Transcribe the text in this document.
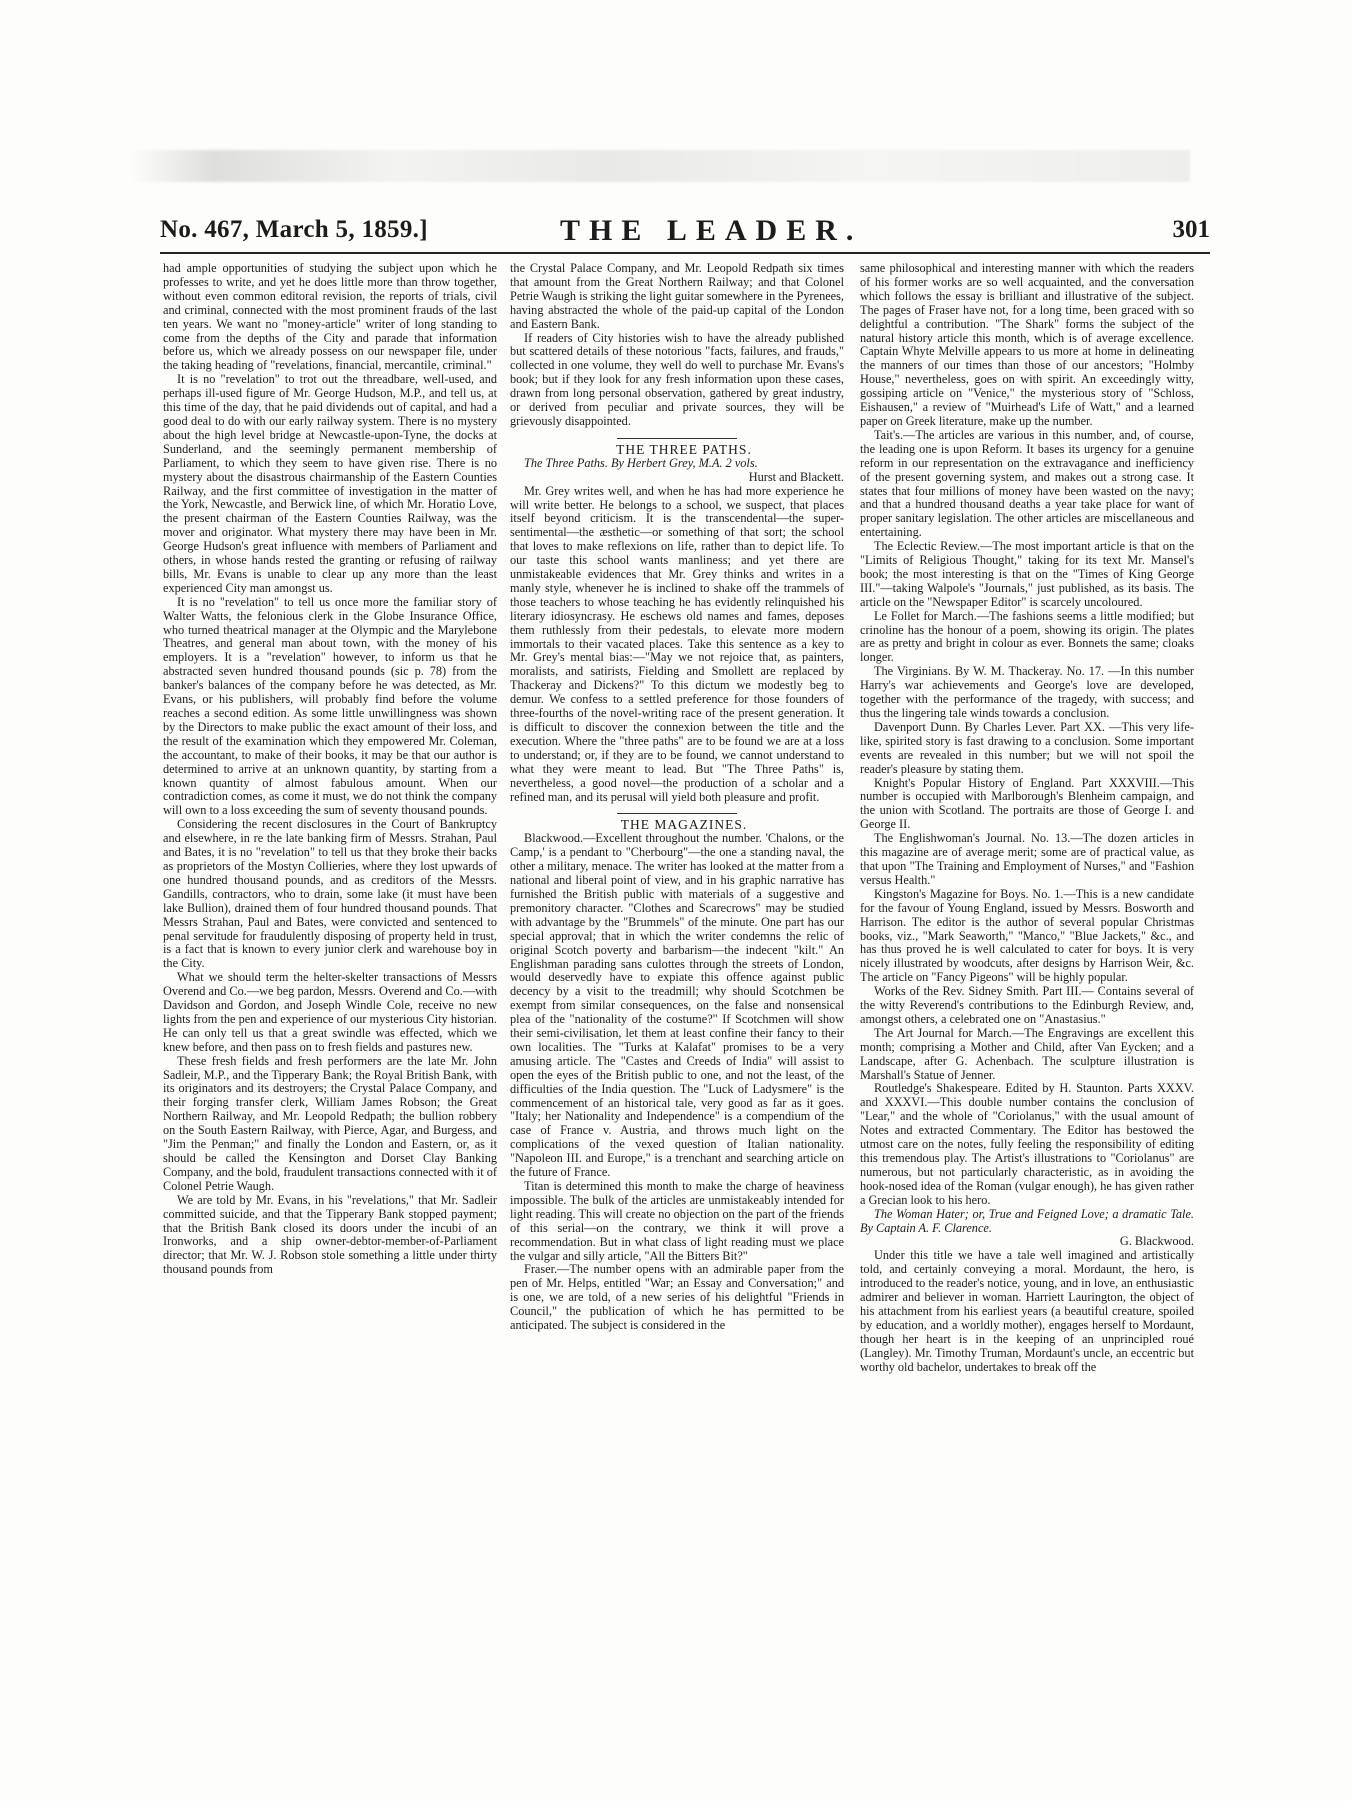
No. 467, March 5, 1859.]	THE LEADER.	301

had ample opportunities of studying the subject upon which he professes to write, and yet he does little more than throw together, without even common editoral revision, the reports of trials, civil and criminal, connected with the most prominent frauds of the last ten years. We want no "money-article" writer of long standing to come from the depths of the City and parade that information before us, which we already possess on our newspaper file, under the taking heading of "revelations, financial, mercantile, criminal."

It is no "revelation" to trot out the threadbare, well-used, and perhaps ill-used figure of Mr. George Hudson, M.P., and tell us, at this time of the day, that he paid dividends out of capital, and had a good deal to do with our early railway system. There is no mystery about the high level bridge at Newcastle-upon-Tyne, the docks at Sunderland, and the seemingly permanent membership of Parliament, to which they seem to have given rise. There is no mystery about the disastrous chairmanship of the Eastern Counties Railway, and the first committee of investigation in the matter of the York, Newcastle, and Berwick line, of which Mr. Horatio Love, the present chairman of the Eastern Counties Railway, was the mover and originator. What mystery there may have been in Mr. George Hudson's great influence with members of Parliament and others, in whose hands rested the granting or refusing of railway bills, Mr. Evans is unable to clear up any more than the least experienced City man amongst us.

It is no "revelation" to tell us once more the familiar story of Walter Watts, the felonious clerk in the Globe Insurance Office, who turned theatrical manager at the Olympic and the Marylebone Theatres, and general man about town, with the money of his employers. It is a "revelation" however, to inform us that he abstracted seven hundred thousand pounds (sic p. 78) from the banker's balances of the company before he was detected, as Mr. Evans, or his publishers, will probably find before the volume reaches a second edition. As some little unwillingness was shown by the Directors to make public the exact amount of their loss, and the result of the examination which they empowered Mr. Coleman, the accountant, to make of their books, it may be that our author is determined to arrive at an unknown quantity, by starting from a known quantity of almost fabulous amount. When our contradiction comes, as come it must, we do not think the company will own to a loss exceeding the sum of seventy thousand pounds.

Considering the recent disclosures in the Court of Bankruptcy and elsewhere, in re the late banking firm of Messrs. Strahan, Paul and Bates, it is no "revelation" to tell us that they broke their backs as proprietors of the Mostyn Collieries, where they lost upwards of one hundred thousand pounds, and as creditors of the Messrs. Gandills, contractors, who to drain, some lake (it must have been lake Bullion), drained them of four hundred thousand pounds. That Messrs Strahan, Paul and Bates, were convicted and sentenced to penal servitude for fraudulently disposing of property held in trust, is a fact that is known to every junior clerk and warehouse boy in the City.

What we should term the helter-skelter transactions of Messrs Overend and Co.—we beg pardon, Messrs. Overend and Co.—with Davidson and Gordon, and Joseph Windle Cole, receive no new lights from the pen and experience of our mysterious City historian. He can only tell us that a great swindle was effected, which we knew before, and then pass on to fresh fields and pastures new.

These fresh fields and fresh performers are the late Mr. John Sadleir, M.P., and the Tipperary Bank; the Royal British Bank, with its originators and its destroyers; the Crystal Palace Company, and their forging transfer clerk, William James Robson; the Great Northern Railway, and Mr. Leopold Redpath; the bullion robbery on the South Eastern Railway, with Pierce, Agar, and Burgess, and "Jim the Penman;" and finally the London and Eastern, or, as it should be called the Kensington and Dorset Clay Banking Company, and the bold, fraudulent transactions connected with it of Colonel Petrie Waugh.

We are told by Mr. Evans, in his "revelations," that Mr. Sadleir committed suicide, and that the Tipperary Bank stopped payment; that the British Bank closed its doors under the incubi of an Ironworks, and a ship owner-debtor-member-of-Parliament director; that Mr. W. J. Robson stole something a little under thirty thousand pounds from

the Crystal Palace Company, and Mr. Leopold Redpath six times that amount from the Great Northern Railway; and that Colonel Petrie Waugh is striking the light guitar somewhere in the Pyrenees, having abstracted the whole of the paid-up capital of the London and Eastern Bank.

If readers of City histories wish to have the already published but scattered details of these notorious "facts, failures, and frauds," collected in one volume, they well do well to purchase Mr. Evans's book; but if they look for any fresh information upon these cases, drawn from long personal observation, gathered by great industry, or derived from peculiar and private sources, they will be grievously disappointed.

THE THREE PATHS.

The Three Paths. By Herbert Grey, M.A. 2 vols.

Hurst and Blackett.

Mr. Grey writes well, and when he has had more experience he will write better. He belongs to a school, we suspect, that places itself beyond criticism. It is the transcendental—the super-sentimental—the æsthetic—or something of that sort; the school that loves to make reflexions on life, rather than to depict life. To our taste this school wants manliness; and yet there are unmistakeable evidences that Mr. Grey thinks and writes in a manly style, whenever he is inclined to shake off the trammels of those teachers to whose teaching he has evidently relinquished his literary idiosyncrasy. He eschews old names and fames, deposes them ruthlessly from their pedestals, to elevate more modern immortals to their vacated places. Take this sentence as a key to Mr. Grey's mental bias:—"May we not rejoice that, as painters, moralists, and satirists, Fielding and Smollett are replaced by Thackeray and Dickens?" To this dictum we modestly beg to demur. We confess to a settled preference for those founders of three-fourths of the novel-writing race of the present generation. It is difficult to discover the connexion between the title and the execution. Where the "three paths" are to be found we are at a loss to understand; or, if they are to be found, we cannot understand to what they were meant to lead. But "The Three Paths" is, nevertheless, a good novel—the production of a scholar and a refined man, and its perusal will yield both pleasure and profit.

THE MAGAZINES.

Blackwood.—Excellent throughout the number. 'Chalons, or the Camp,' is a pendant to "Cherbourg"—the one a standing naval, the other a military, menace. The writer has looked at the matter from a national and liberal point of view, and in his graphic narrative has furnished the British public with materials of a suggestive and premonitory character. "Clothes and Scarecrows" may be studied with advantage by the "Brummels" of the minute. One part has our special approval; that in which the writer condemns the relic of original Scotch poverty and barbarism—the indecent "kilt." An Englishman parading sans culottes through the streets of London, would deservedly have to expiate this offence against public decency by a visit to the treadmill; why should Scotchmen be exempt from similar consequences, on the false and nonsensical plea of the "nationality of the costume?" If Scotchmen will show their semi-civilisation, let them at least confine their fancy to their own localities. The "Turks at Kalafat" promises to be a very amusing article. The "Castes and Creeds of India" will assist to open the eyes of the British public to one, and not the least, of the difficulties of the India question. The "Luck of Ladysmere" is the commencement of an historical tale, very good as far as it goes. "Italy; her Nationality and Independence" is a compendium of the case of France v. Austria, and throws much light on the complications of the vexed question of Italian nationality. "Napoleon III. and Europe," is a trenchant and searching article on the future of France.

Titan is determined this month to make the charge of heaviness impossible. The bulk of the articles are unmistakeably intended for light reading. This will create no objection on the part of the friends of this serial—on the contrary, we think it will prove a recommendation. But in what class of light reading must we place the vulgar and silly article, "All the Bitters Bit?"

Fraser.—The number opens with an admirable paper from the pen of Mr. Helps, entitled "War; an Essay and Conversation;" and is one, we are told, of a new series of his delightful "Friends in Council," the publication of which he has permitted to be anticipated. The subject is considered in the

same philosophical and interesting manner with which the readers of his former works are so well acquainted, and the conversation which follows the essay is brilliant and illustrative of the subject. The pages of Fraser have not, for a long time, been graced with so delightful a contribution. "The Shark" forms the subject of the natural history article this month, which is of average excellence. Captain Whyte Melville appears to us more at home in delineating the manners of our times than those of our ancestors; "Holmby House," nevertheless, goes on with spirit. An exceedingly witty, gossiping article on "Venice," the mysterious story of "Schloss, Eishausen," a review of "Muirhead's Life of Watt," and a learned paper on Greek literature, make up the number.

Tait's.—The articles are various in this number, and, of course, the leading one is upon Reform. It bases its urgency for a genuine reform in our representation on the extravagance and inefficiency of the present governing system, and makes out a strong case. It states that four millions of money have been wasted on the navy; and that a hundred thousand deaths a year take place for want of proper sanitary legislation. The other articles are miscellaneous and entertaining.

The Eclectic Review.—The most important article is that on the "Limits of Religious Thought," taking for its text Mr. Mansel's book; the most interesting is that on the "Times of King George III."—taking Walpole's "Journals," just published, as its basis. The article on the "Newspaper Editor" is scarcely uncoloured.

Le Follet for March.—The fashions seems a little modified; but crinoline has the honour of a poem, showing its origin. The plates are as pretty and bright in colour as ever. Bonnets the same; cloaks longer.

The Virginians. By W. M. Thackeray. No. 17. —In this number Harry's war achievements and George's love are developed, together with the performance of the tragedy, with success; and thus the lingering tale winds towards a conclusion.

Davenport Dunn. By Charles Lever. Part XX. —This very life-like, spirited story is fast drawing to a conclusion. Some important events are revealed in this number; but we will not spoil the reader's pleasure by stating them.

Knight's Popular History of England. Part XXXVIII.—This number is occupied with Marlborough's Blenheim campaign, and the union with Scotland. The portraits are those of George I. and George II.

The Englishwoman's Journal. No. 13.—The dozen articles in this magazine are of average merit; some are of practical value, as that upon "The Training and Employment of Nurses," and "Fashion versus Health."

Kingston's Magazine for Boys. No. 1.—This is a new candidate for the favour of Young England, issued by Messrs. Bosworth and Harrison. The editor is the author of several popular Christmas books, viz., "Mark Seaworth," "Manco," "Blue Jackets," &c., and has thus proved he is well calculated to cater for boys. It is very nicely illustrated by woodcuts, after designs by Harrison Weir, &c. The article on "Fancy Pigeons" will be highly popular.

Works of the Rev. Sidney Smith. Part III.— Contains several of the witty Reverend's contributions to the Edinburgh Review, and, amongst others, a celebrated one on "Anastasius."

The Art Journal for March.—The Engravings are excellent this month; comprising a Mother and Child, after Van Eycken; and a Landscape, after G. Achenbach. The sculpture illustration is Marshall's Statue of Jenner.

Routledge's Shakespeare. Edited by H. Staunton. Parts XXXV. and XXXVI.—This double number contains the conclusion of "Lear," and the whole of "Coriolanus," with the usual amount of Notes and extracted Commentary. The Editor has bestowed the utmost care on the notes, fully feeling the responsibility of editing this tremendous play. The Artist's illustrations to "Coriolanus" are numerous, but not particularly characteristic, as in avoiding the hook-nosed idea of the Roman (vulgar enough), he has given rather a Grecian look to his hero.

The Woman Hater; or, True and Feigned Love; a dramatic Tale. By Captain A. F. Clarence.

G. Blackwood.

Under this title we have a tale well imagined and artistically told, and certainly conveying a moral. Mordaunt, the hero, is introduced to the reader's notice, young, and in love, an enthusiastic admirer and believer in woman. Harriett Laurington, the object of his attachment from his earliest years (a beautiful creature, spoiled by education, and a worldly mother), engages herself to Mordaunt, though her heart is in the keeping of an unprincipled roué (Langley). Mr. Timothy Truman, Mordaunt's uncle, an eccentric but worthy old bachelor, undertakes to break off the
